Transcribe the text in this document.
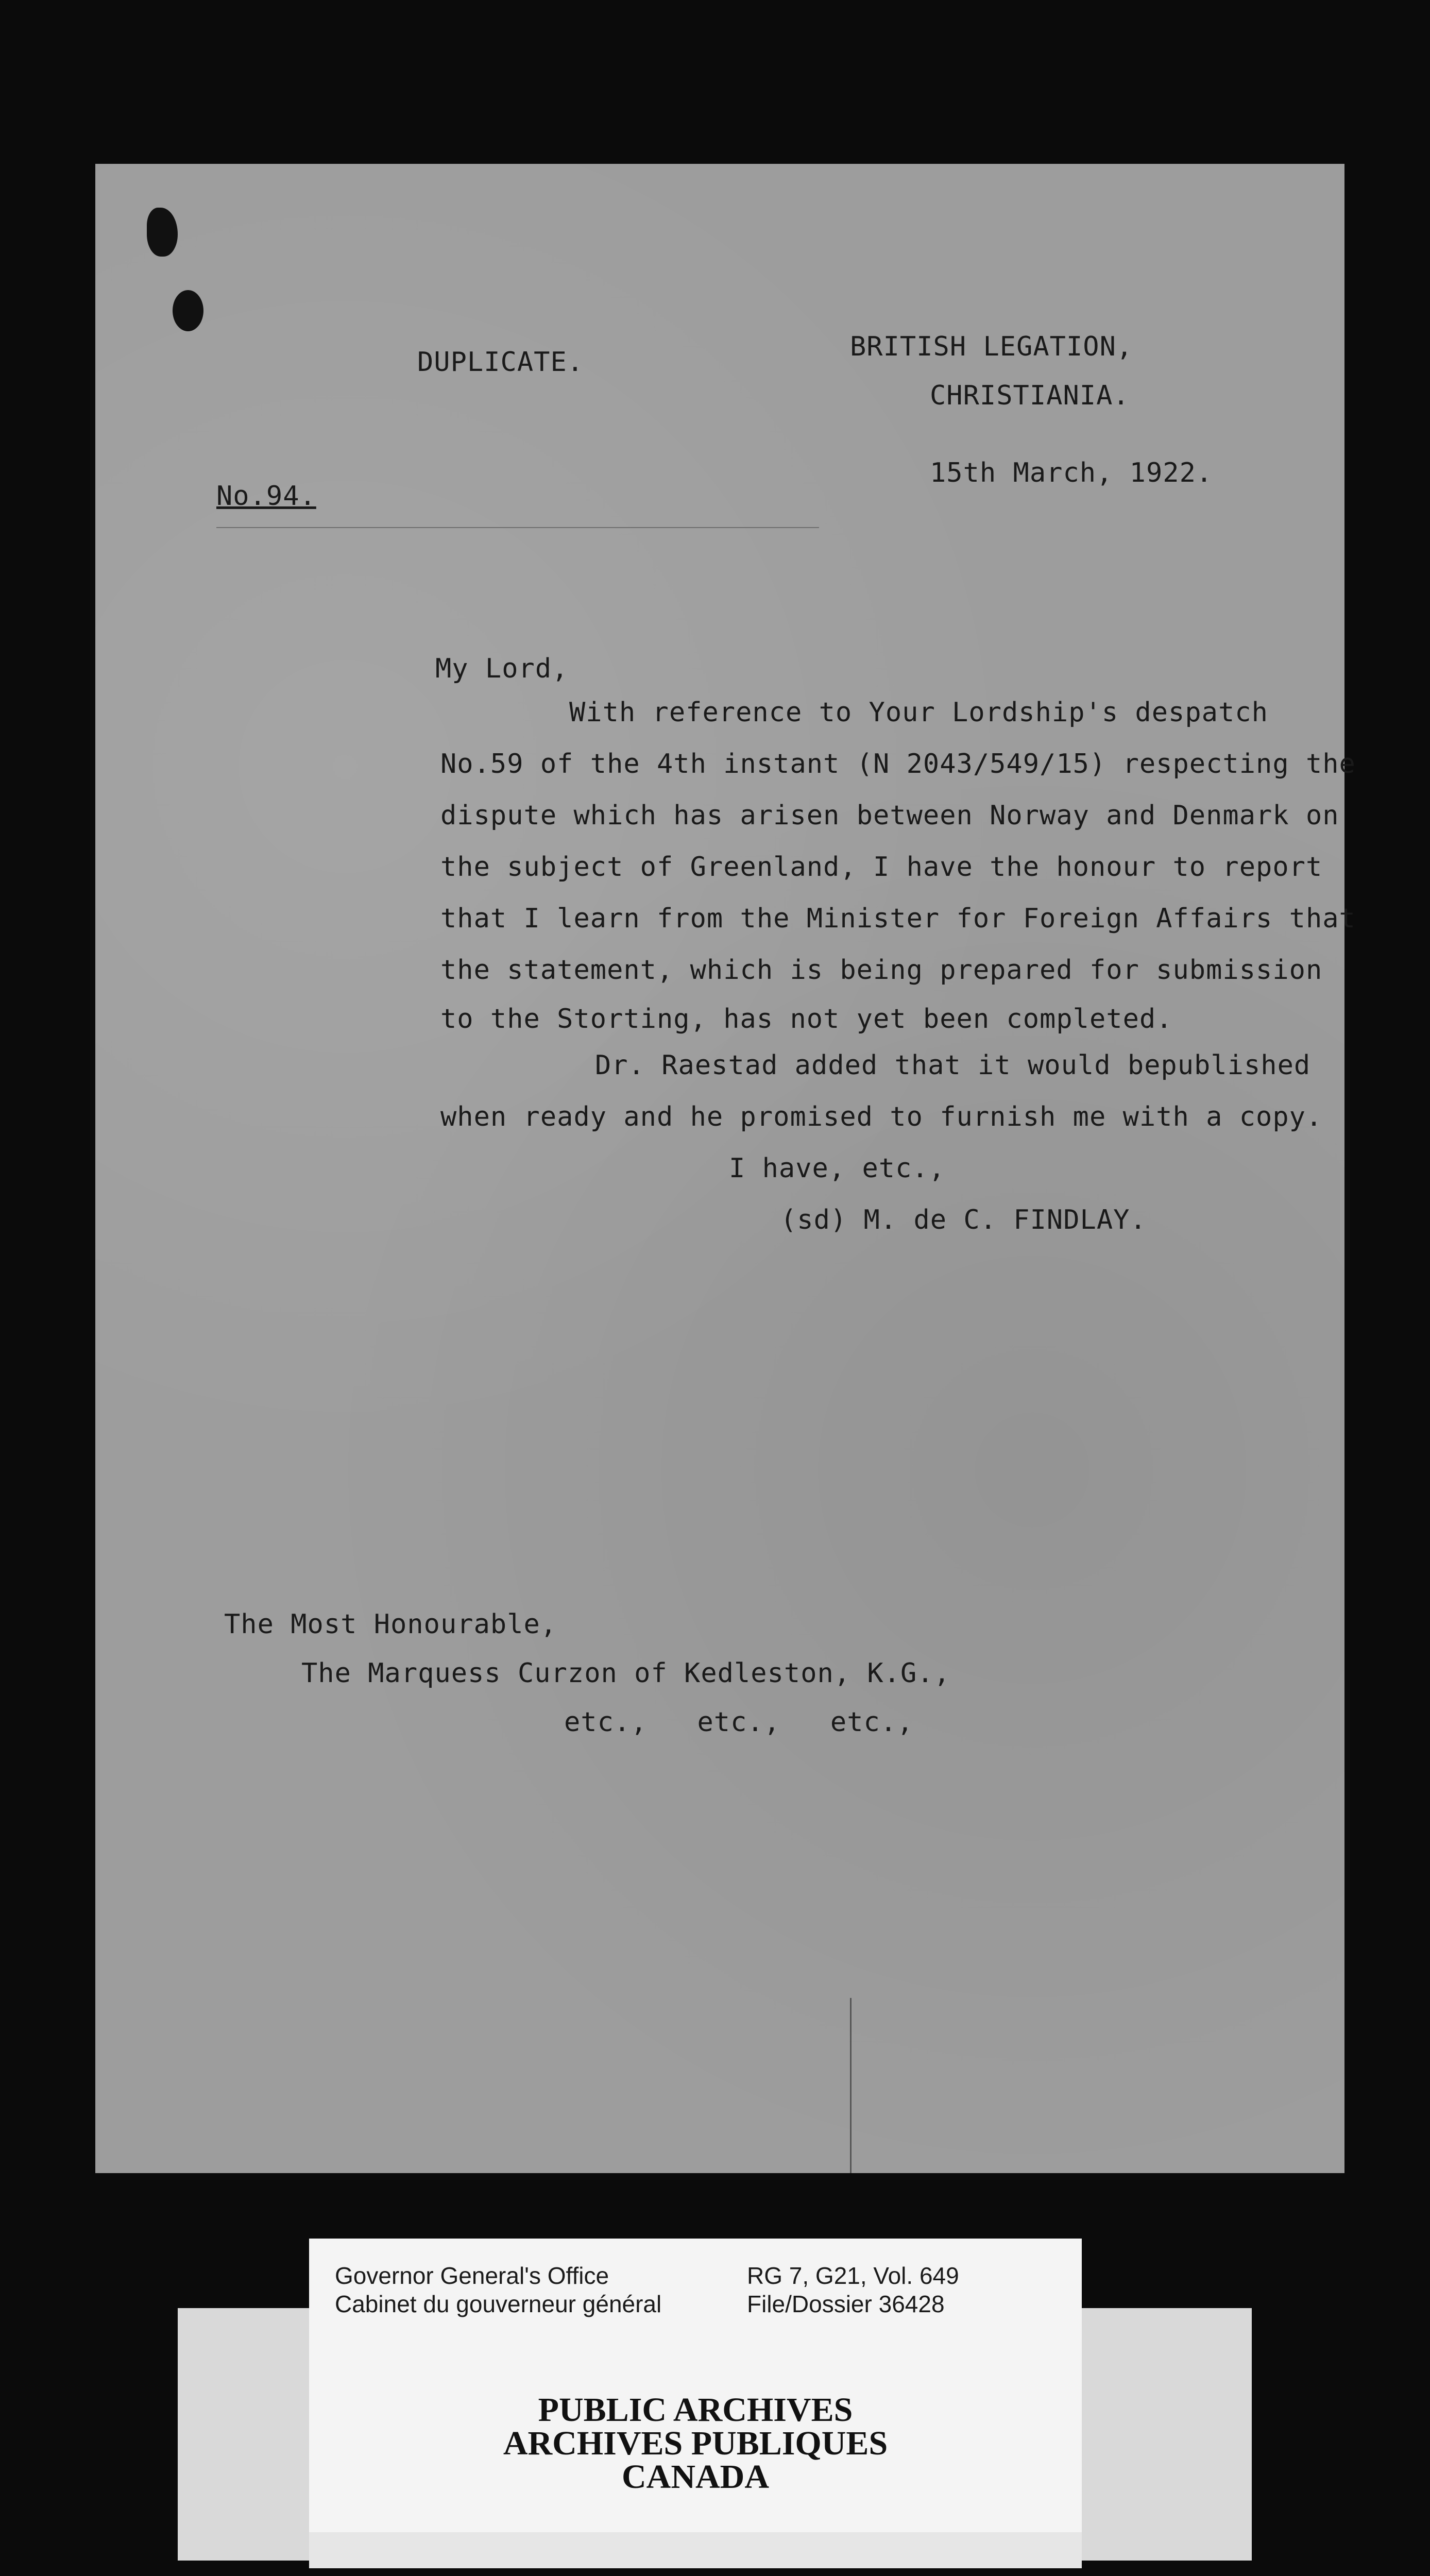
DUPLICATE.	BRITISH LEGATION,
CHRISTIANIA.
15th March, 1922.
No.94.
My Lord,
With reference to Your Lordship's despatch
No.59 of the 4th instant (N 2043/549/15) respecting the
dispute which has arisen between Norway and Denmark on
the subject of Greenland, I have the honour to report
that I learn from the Minister for Foreign Affairs that
the statement, which is being prepared for submission
to the Storting, has not yet been completed.
Dr. Raestad added that it would bepublished
when ready and he promised to furnish me with a copy.
I have, etc.,
(sd) M. de C. FINDLAY.
The Most Honourable,
The Marquess Curzon of Kedleston, K.G.,
etc.,   etc.,   etc.,
Governor General's Office
Cabinet du gouverneur général
RG 7, G21, Vol. 649
File/Dossier 36428
PUBLIC ARCHIVES
ARCHIVES PUBLIQUES
CANADA
